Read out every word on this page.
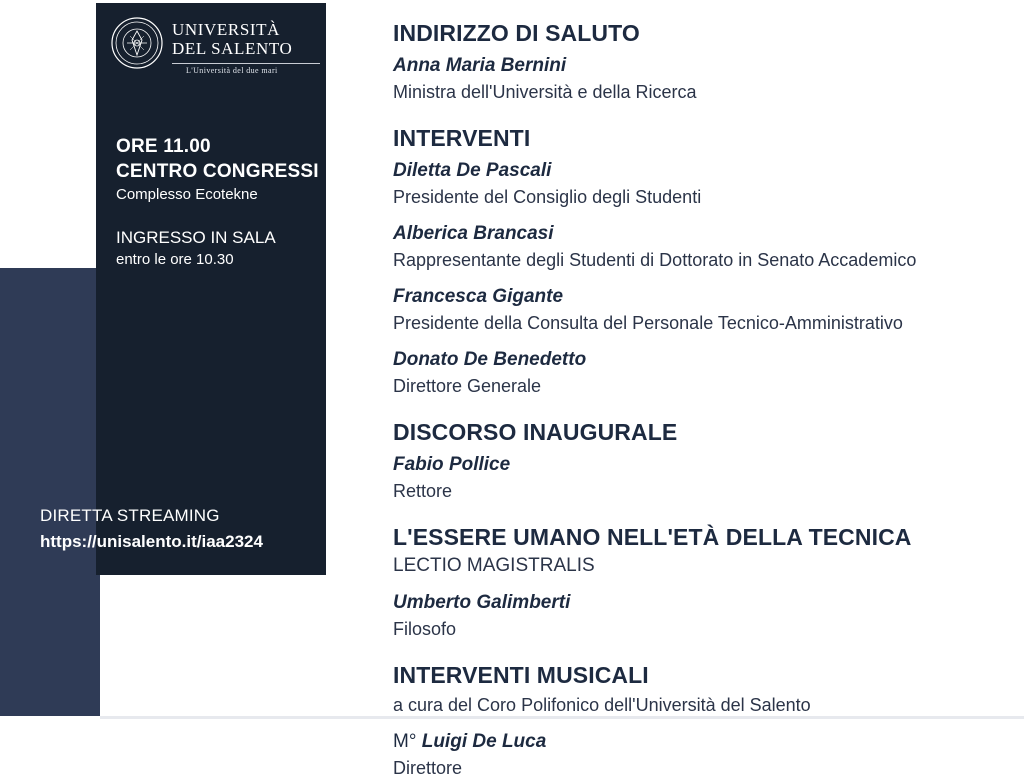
UNIVERSITÀ
DEL SALENTO
L'Università del due mari
ORE 11.00
CENTRO CONGRESSI
Complesso Ecotekne
INGRESSO IN SALA
entro le ore 10.30
DIRETTA STREAMING
https://unisalento.it/iaa2324
INDIRIZZO DI SALUTO
Anna Maria Bernini
Ministra dell'Università e della Ricerca
INTERVENTI
Diletta De Pascali
Presidente del Consiglio degli Studenti
Alberica Brancasi
Rappresentante degli Studenti di Dottorato in Senato Accademico
Francesca Gigante
Presidente della Consulta del Personale Tecnico-Amministrativo
Donato De Benedetto
Direttore Generale
DISCORSO INAUGURALE
Fabio Pollice
Rettore
L'ESSERE UMANO NELL'ETÀ DELLA TECNICA
LECTIO MAGISTRALIS
Umberto Galimberti
Filosofo
INTERVENTI MUSICALI
a cura del Coro Polifonico dell'Università del Salento
M° Luigi De Luca
Direttore
